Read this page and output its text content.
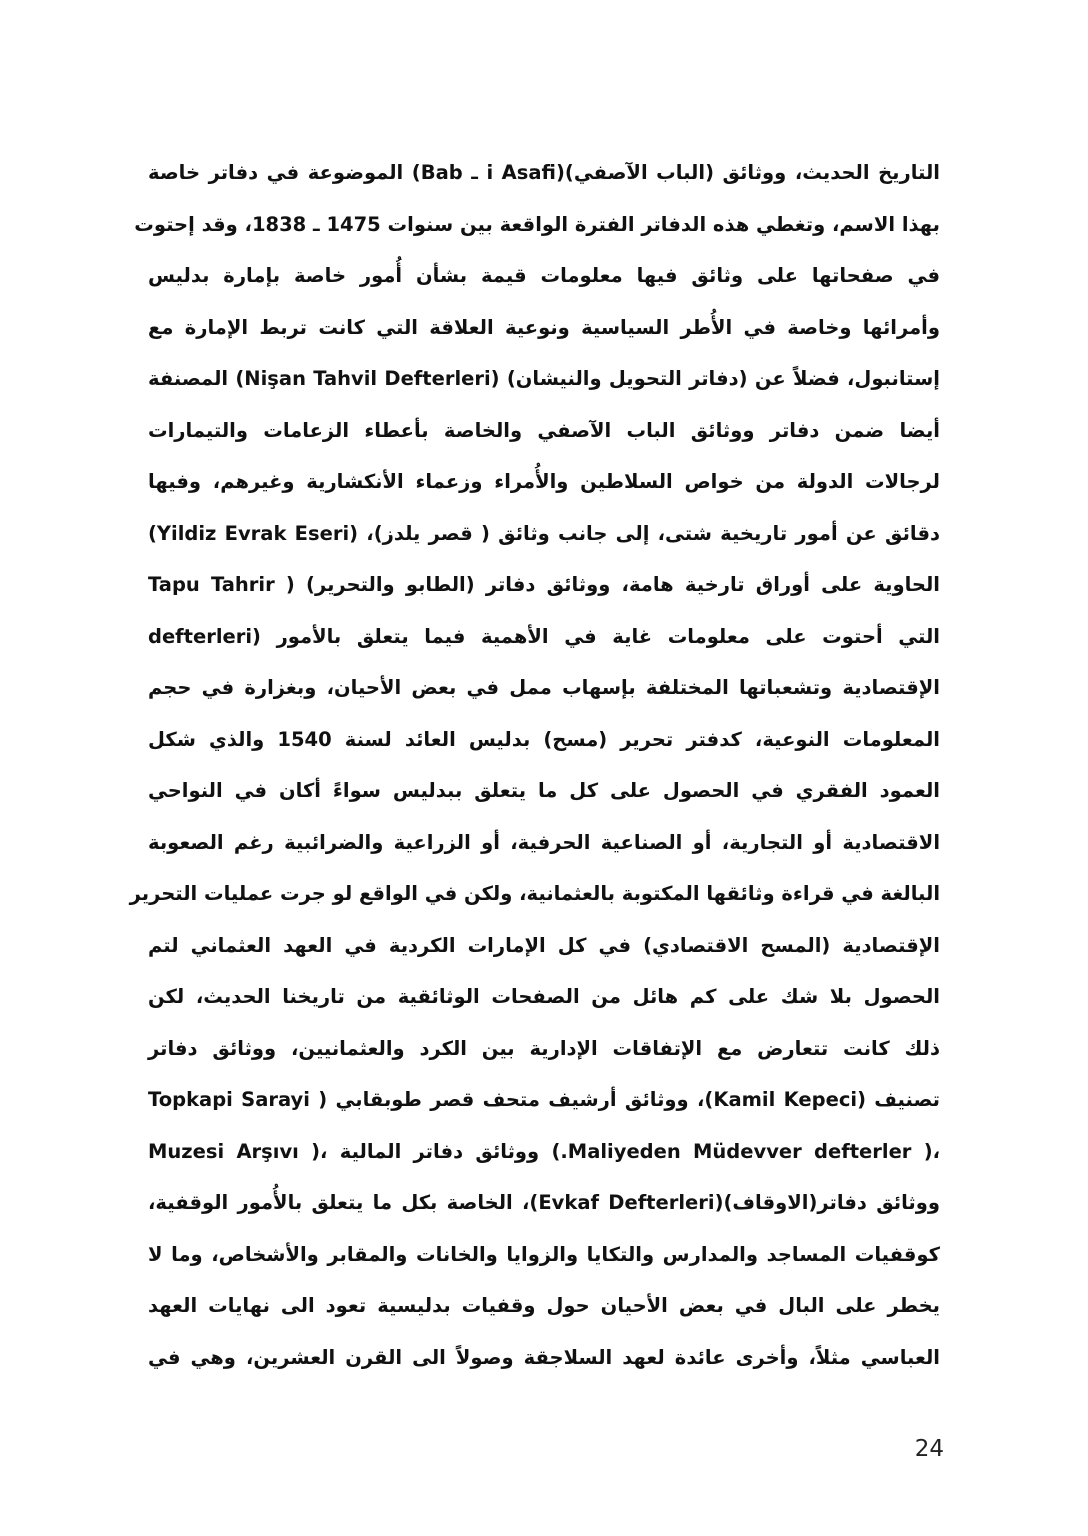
التاريخ الحديث، ووثائق (الباب الآصفي)(i Asafi ـ Bab) الموضوعة في دفاتر خاصة
بهذا الاسم، وتغطي هذه الدفاتر الفترة الواقعة بين سنوات 1475 ـ 1838، وقد إحتوت
في صفحاتها على وثائق فيها معلومات قيمة بشأن أُمور خاصة بإمارة بدليس
وأمرائها وخاصة في الأُطر السياسية ونوعية العلاقة التي كانت تربط الإمارة مع
إستانبول، فضلاً عن (دفاتر التحويل والنيشان) (Nişan Tahvil Defterleri) المصنفة
أيضا ضمن دفاتر ووثائق الباب الآصفي والخاصة بأعطاء الزعامات والتيمارات
لرجالات الدولة من خواص السلاطين والأُمراء وزعماء الأنكشارية وغيرهم، وفيها
دقائق عن أمور تاريخية شتى، إلى جانب وثائق ( قصر يلدز)، (Yildiz Evrak Eseri)
الحاوية على أوراق تارخية هامة، ووثائق دفاتر (الطابو والتحرير) ( Tapu Tahrir
defterleri) التي أحتوت على معلومات غاية في الأهمية فيما يتعلق بالأمور
الإقتصادية وتشعباتها المختلفة بإسهاب ممل في بعض الأحيان، وبغزارة في حجم
المعلومات النوعية، كدفتر تحرير (مسح) بدليس العائد لسنة 1540 والذي شكل
العمود الفقري في الحصول على كل ما يتعلق ببدليس سواءً أكان في النواحي
الاقتصادية أو التجارية، أو الصناعية الحرفية، أو الزراعية والضرائبية رغم الصعوبة
البالغة في قراءة وثائقها المكتوبة بالعثمانية، ولكن في الواقع لو جرت عمليات التحرير
الإقتصادية (المسح الاقتصادي) في كل الإمارات الكردية في العهد العثماني لتم
الحصول بلا شك على كم هائل من الصفحات الوثائقية من تاريخنا الحديث، لكن
ذلك كانت تتعارض مع الإتفاقات الإدارية بين الكرد والعثمانيين، ووثائق دفاتر
تصنيف (Kamil Kepeci)، ووثائق أرشيف متحف قصر طوبقابي ( Topkapi Sarayi
Muzesi Arşıvı )، ووثائق دفاتر المالية (.Maliyeden Müdevver defterler )،
ووثائق دفاتر(الاوقاف)(Evkaf Defterleri)، الخاصة بكل ما يتعلق بالأُمور الوقفية،
كوقفيات المساجد والمدارس والتكايا والزوايا والخانات والمقابر والأشخاص، وما لا
يخطر على البال في بعض الأحيان حول وقفيات بدليسية تعود الى نهايات العهد
العباسي مثلاً، وأخرى عائدة لعهد السلاجقة وصولاً الى القرن العشرين، وهي في
24
